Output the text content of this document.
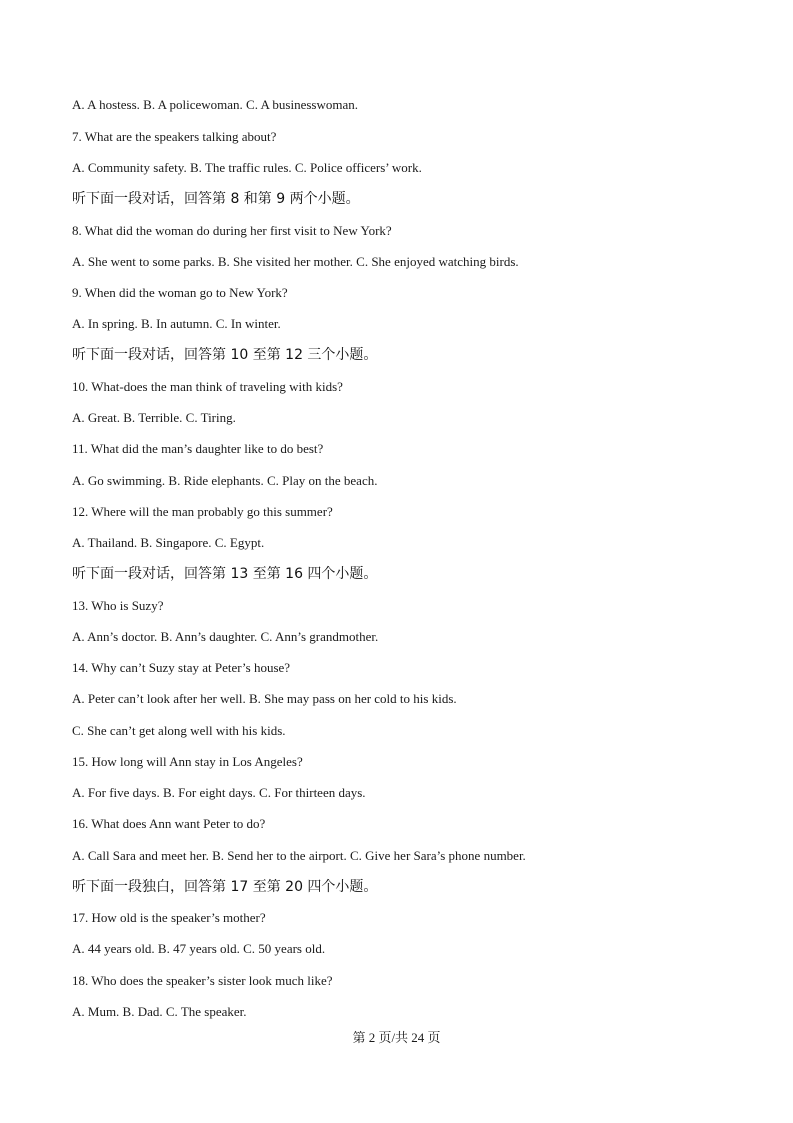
A. A hostess. B. A policewoman. C. A businesswoman.
7. What are the speakers talking about?
A. Community safety. B. The traffic rules. C. Police officers’ work.
听下面一段对话，回答第 8 和第 9 两个小题。
8. What did the woman do during her first visit to New York?
A. She went to some parks. B. She visited her mother. C. She enjoyed watching birds.
9. When did the woman go to New York?
A. In spring. B. In autumn. C. In winter.
听下面一段对话，回答第 10 至第 12 三个小题。
10. What-does the man think of traveling with kids?
A. Great. B. Terrible. C. Tiring.
11. What did the man’s daughter like to do best?
A. Go swimming. B. Ride elephants. C. Play on the beach.
12. Where will the man probably go this summer?
A. Thailand. B. Singapore. C. Egypt.
听下面一段对话，回答第 13 至第 16 四个小题。
13. Who is Suzy?
A. Ann’s doctor. B. Ann’s daughter. C. Ann’s grandmother.
14. Why can’t Suzy stay at Peter’s house?
A. Peter can’t look after her well. B. She may pass on her cold to his kids.
C. She can’t get along well with his kids.
15. How long will Ann stay in Los Angeles?
A. For five days. B. For eight days. C. For thirteen days.
16. What does Ann want Peter to do?
A. Call Sara and meet her. B. Send her to the airport. C. Give her Sara’s phone number.
听下面一段独白，回答第 17 至第 20 四个小题。
17. How old is the speaker’s mother?
A. 44 years old. B. 47 years old. C. 50 years old.
18. Who does the speaker’s sister look much like?
A. Mum. B. Dad. C. The speaker.
第 2 页/共 24 页
